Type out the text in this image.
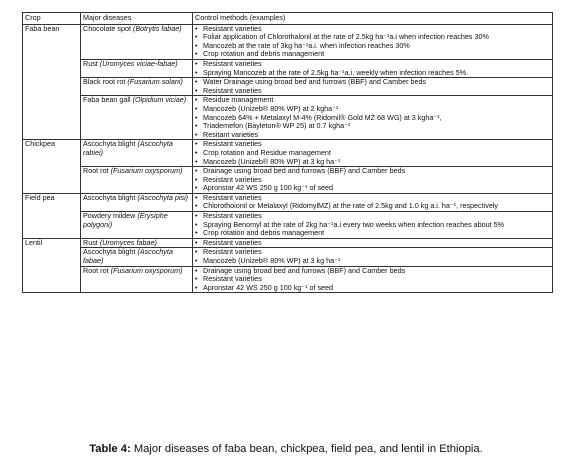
Crop	Major diseases	Control methods (examples)
Faba bean	Chocolate spot (Botrytis fabae)	• Resistant varieties
• Foliar application of Chlorothalonil at the rate of 2.5kg ha⁻¹a.i when infection reaches 30%
• Mancozeb at the rate of 3kg ha⁻¹a.i. when infection reaches 30%
• Crop rotation and debris management

	Rust (Uromyces viciae-fabae)	• Resistant varieties
• Spraying Mancozeb at the rate of 2.5kg ha⁻¹a.i. weekly when infection reaches 5%.

	Black root rot (Fusarium solani)	• Water Drainage using broad bed and furrows (BBF) and Camber beds
• Resistant varieties

	Faba bean gall (Olpidium viciae)	• Residue management
• Mancozeb (Unizeb® 80% WP) at 2 kgha⁻¹
• Mancozeb 64% + Metalaxyl M-4% (Ridomil® Gold MZ 68 WG) at 3 kgha⁻¹,
• Triademefon (Bayleton® WP 25) at 0.7 kgha⁻¹
• Resitant varieties

Chickpea	Ascochyta blight (Ascochyta rabiei)	• Resistant varieties
• Crop rotation and Residue management
• Mancozeb (Unizeb® 80% WP) at 3 kg ha⁻¹

	Root rot (Fusarium oxysporum)	• Drainage using broad bed and furrows (BBF) and Camber beds
• Resistant varieties
• Apronstar 42 WS 250 g 100 kg⁻¹ of seed

Field pea	Ascochyta blight (Ascochyta pisi)	• Resistant varieties
• Chlorothoionil or Metalaxyl (RidomylMZ) at the rate of 2.5kg and 1.0 kg a.i. ha⁻¹, respectively

	Powdery mildew (Erysiphe polygoni)	• Resistant varieties
• Spraying Benomyl at the rate of 2kg ha⁻¹a.i every two weeks when infection reaches about 5%
• Crop rotation and debris management

Lentil	Rust (Uromyces fabae)	• Resistant varieties

	Ascochyta blight (Ascochyta fabae)	• Resistant varieties
• Mancozeb (Unizeb® 80% WP) at 3 kg ha⁻¹

	Root rot (Fusarium oxysporum)	• Drainage using broad bed and furrows (BBF) and Camber beds
• Resistant varieties
• Apronstar 42 WS 250 g 100 kg⁻¹ of seed
Table 4: Major diseases of faba bean, chickpea, field pea, and lentil in Ethiopia.
